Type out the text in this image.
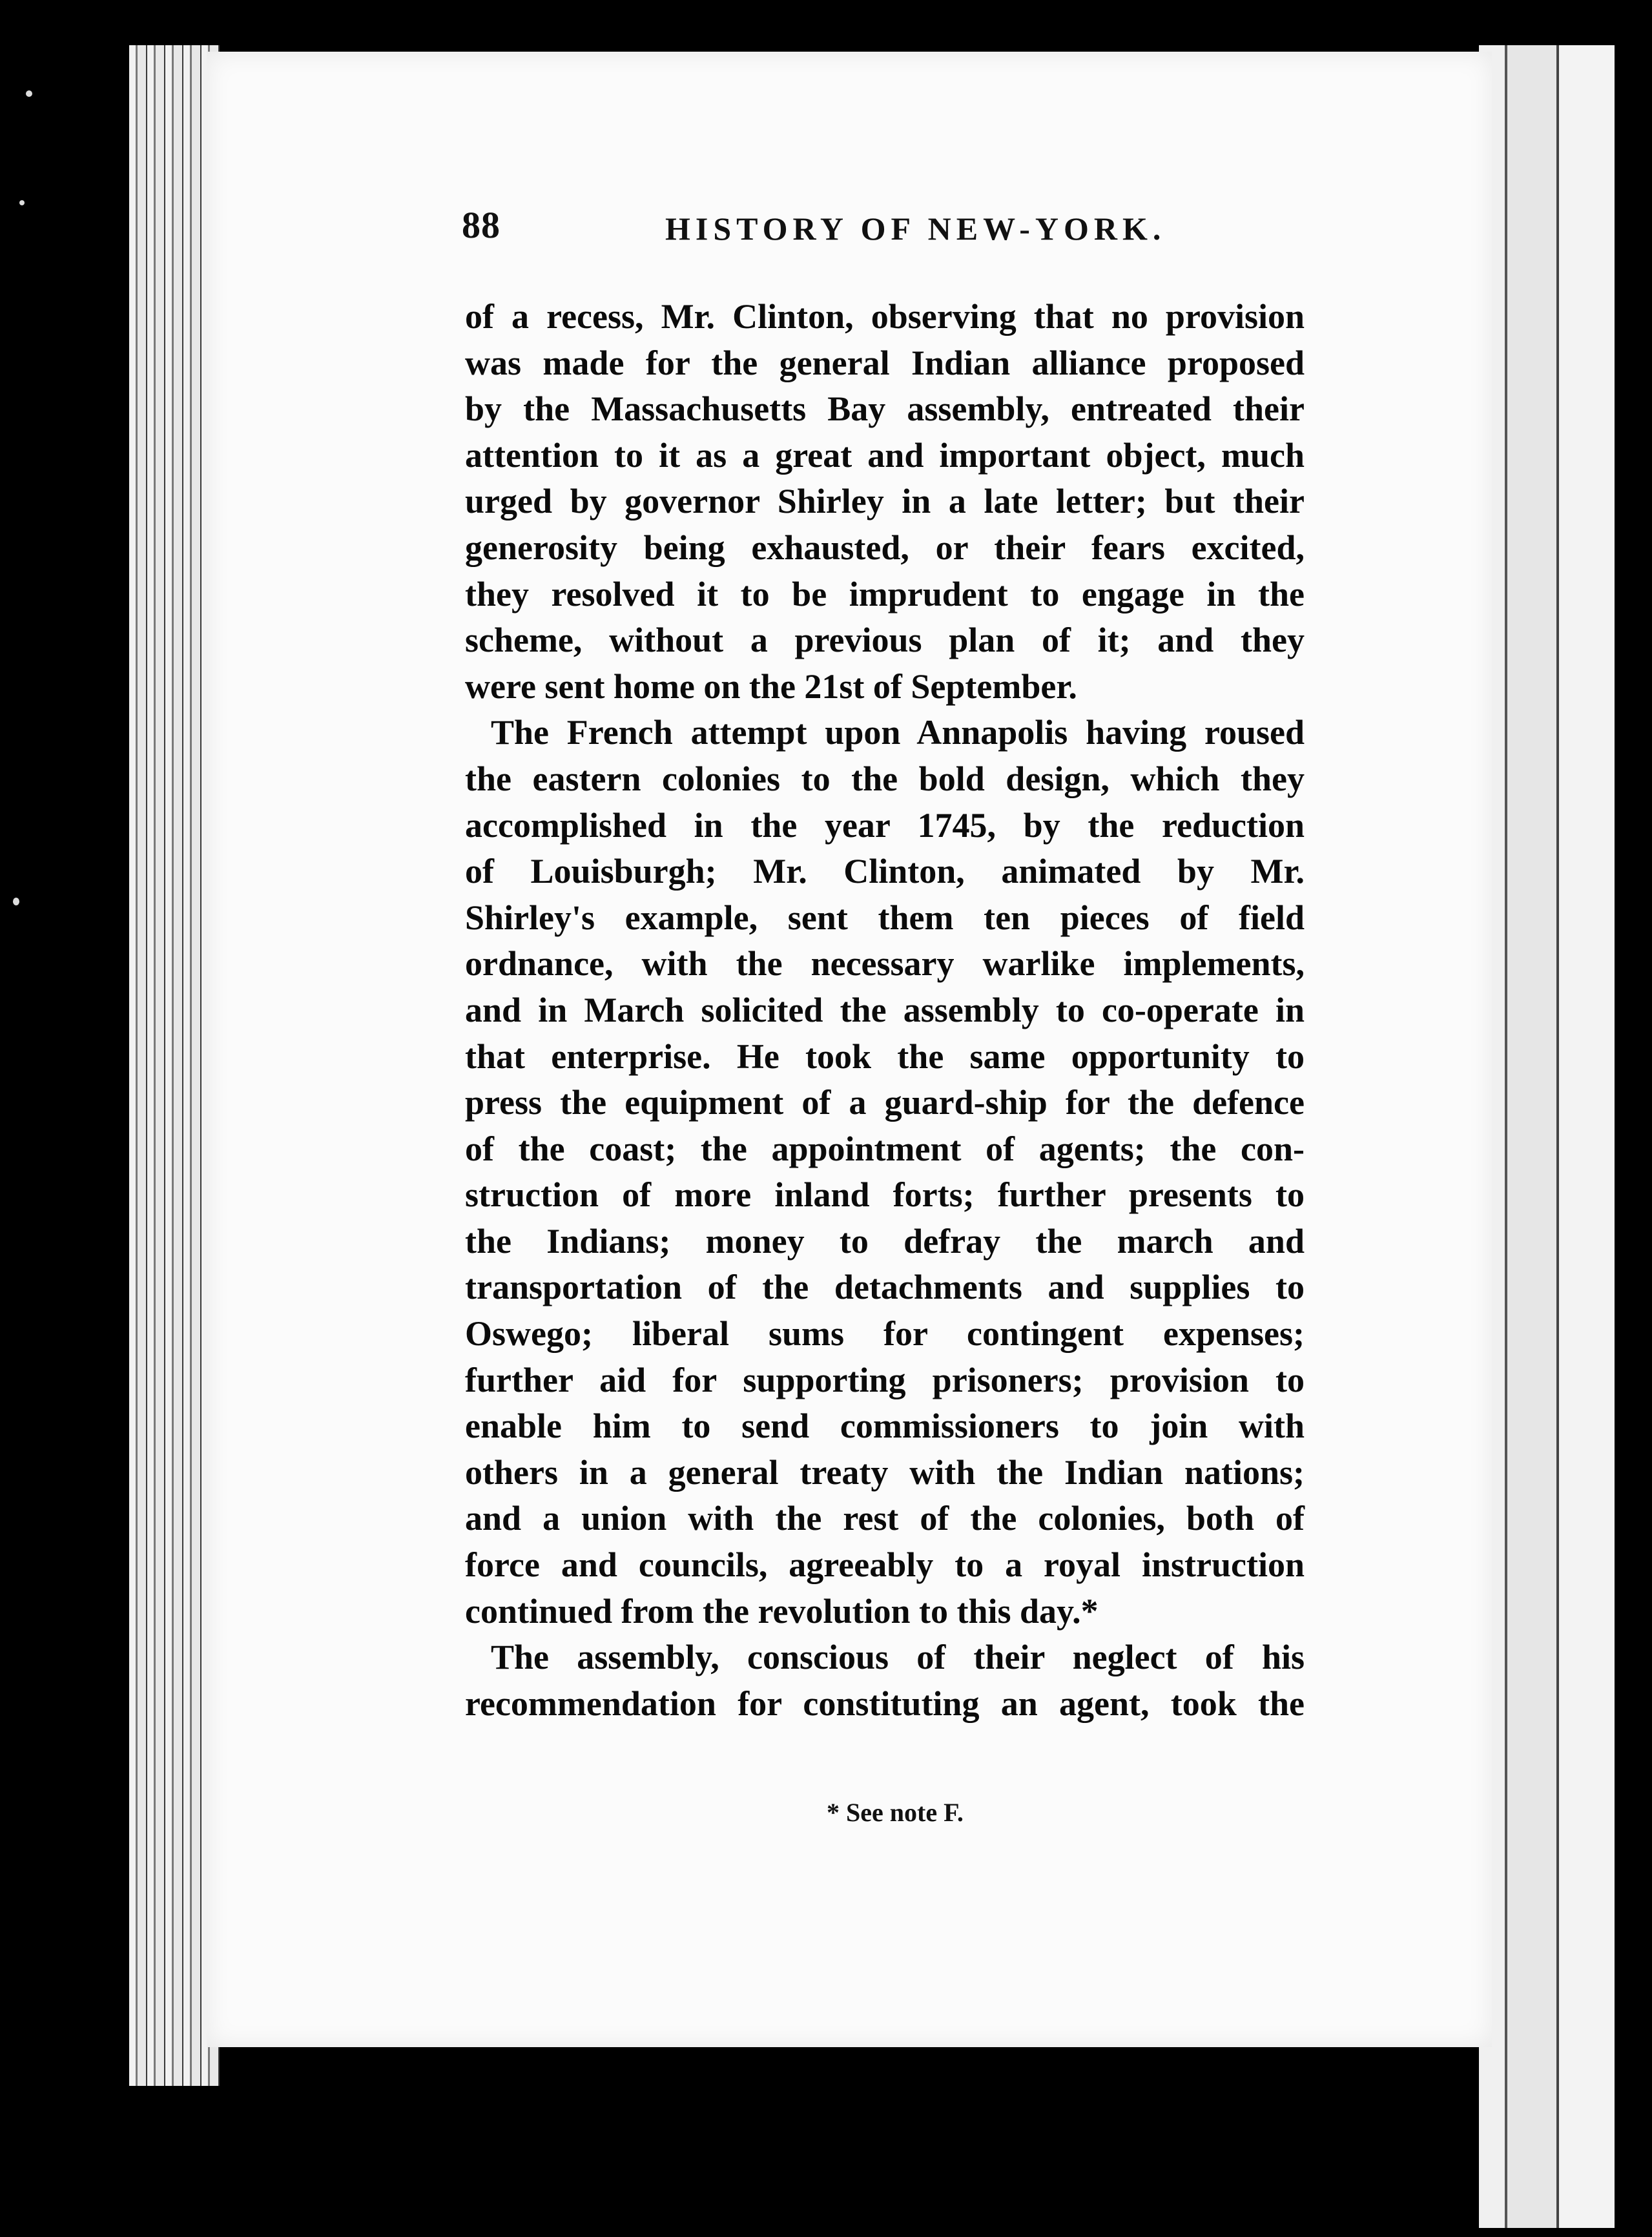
88	HISTORY OF NEW-YORK.
of a recess, Mr. Clinton, observing that no provision
was made for the general Indian alliance proposed
by the Massachusetts Bay assembly, entreated their
attention to it as a great and important object, much
urged by governor Shirley in a late letter; but their
generosity being exhausted, or their fears excited,
they resolved it to be imprudent to engage in the
scheme, without a previous plan of it; and they
were sent home on the 21st of September.
The French attempt upon Annapolis having roused
the eastern colonies to the bold design, which they
accomplished in the year 1745, by the reduction
of Louisburgh; Mr. Clinton, animated by Mr.
Shirley's example, sent them ten pieces of field
ordnance, with the necessary warlike implements,
and in March solicited the assembly to co-operate in
that enterprise. He took the same opportunity to
press the equipment of a guard-ship for the defence
of the coast; the appointment of agents; the con-
struction of more inland forts; further presents to
the Indians; money to defray the march and
transportation of the detachments and supplies to
Oswego; liberal sums for contingent expenses;
further aid for supporting prisoners; provision to
enable him to send commissioners to join with
others in a general treaty with the Indian nations;
and a union with the rest of the colonies, both of
force and councils, agreeably to a royal instruction
continued from the revolution to this day.*
The assembly, conscious of their neglect of his
recommendation for constituting an agent, took the
* See note F.
